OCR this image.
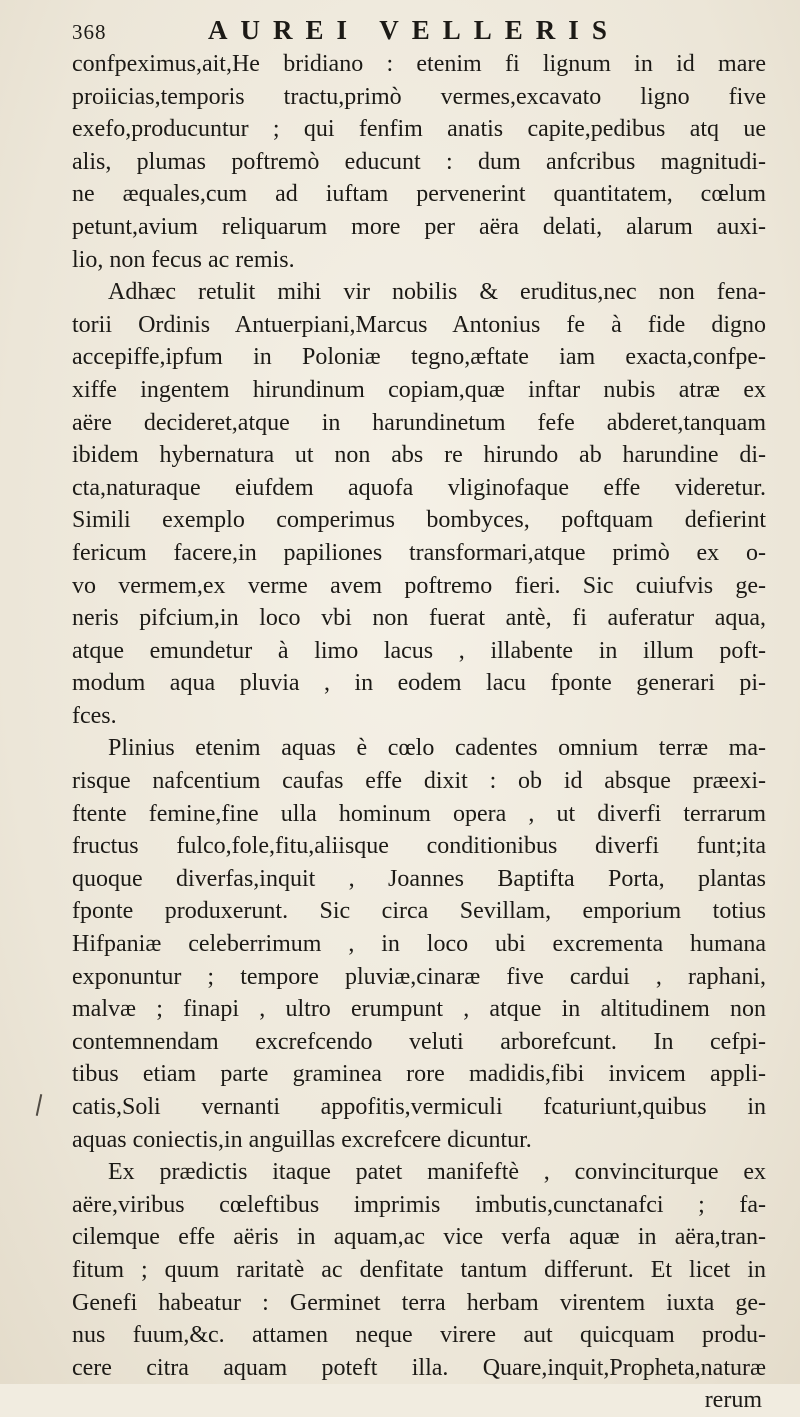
368	AUREI VELLERIS
confpeximus,ait,He bridiano : etenim fi lignum in id mare
proiicias,temporis tractu,primò vermes,excavato ligno five
exefo,producuntur ; qui fenfim anatis capite,pedibus atq ue
alis, plumas poftremò educunt : dum anfcribus magnitudi-
ne æquales,cum ad iuftam pervenerint quantitatem, cœlum
petunt,avium reliquarum more per aëra delati, alarum auxi-
lio, non fecus ac remis.
Adhæc retulit mihi vir nobilis & eruditus,nec non fena-
torii Ordinis Antuerpiani,Marcus Antonius fe à fide digno
accepiffe,ipfum in Poloniæ tegno,æftate iam exacta,confpe-
xiffe ingentem hirundinum copiam,quæ inftar nubis atræ ex
aëre decideret,atque in harundinetum fefe abderet,tanquam
ibidem hybernatura ut non abs re hirundo ab harundine di-
cta,naturaque eiufdem aquofa vliginofaque effe videretur.
Simili exemplo comperimus bombyces, poftquam defierint
fericum facere,in papiliones transformari,atque primò ex o-
vo vermem,ex verme avem poftremo fieri. Sic cuiufvis ge-
neris pifcium,in loco vbi non fuerat antè, fi auferatur aqua,
atque emundetur à limo lacus , illabente in illum poft-
modum aqua pluvia , in eodem lacu fponte generari pi-
fces.
Plinius etenim aquas è cœlo cadentes omnium terræ ma-
risque nafcentium caufas effe dixit : ob id absque præexi-
ftente femine,fine ulla hominum opera , ut diverfi terrarum
fructus fulco,fole,fitu,aliisque conditionibus diverfi funt;ita
quoque diverfas,inquit , Joannes Baptifta Porta, plantas
fponte produxerunt. Sic circa Sevillam, emporium totius
Hifpaniæ celeberrimum , in loco ubi excrementa humana
exponuntur ; tempore pluviæ,cinaræ five cardui , raphani,
malvæ ; finapi , ultro erumpunt , atque in altitudinem non
contemnendam excrefcendo veluti arborefcunt. In cefpi-
tibus etiam parte graminea rore madidis,fibi invicem appli-
catis,Soli vernanti appofitis,vermiculi fcaturiunt,quibus in
aquas coniectis,in anguillas excrefcere dicuntur.
Ex prædictis itaque patet manifeftè , convinciturque ex
aëre,viribus cœleftibus imprimis imbutis,cunctanafci ; fa-
cilemque effe aëris in aquam,ac vice verfa aquæ in aëra,tran-
fitum ; quum raritatè ac denfitate tantum differunt. Et licet in
Genefi habeatur : Germinet terra herbam virentem iuxta ge-
nus fuum,&c. attamen neque virere aut quicquam produ-
cere citra aquam poteft illa. Quare,inquit,Propheta,naturæ
rerum
